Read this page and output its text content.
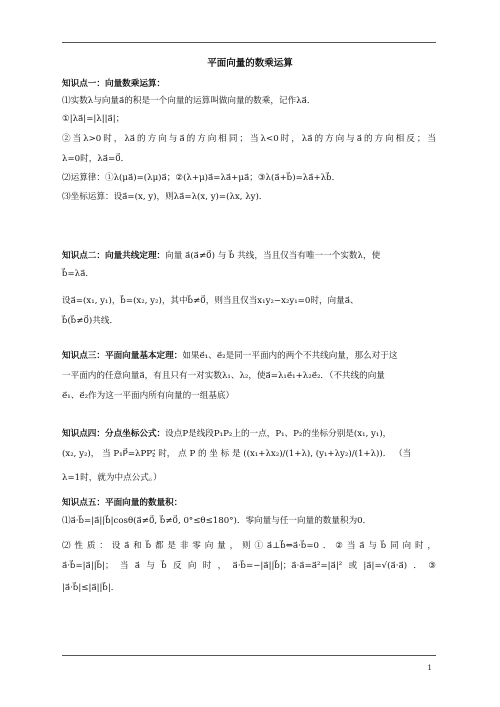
平面向量的数乘运算
知识点一：向量数乘运算：
⑴实数λ与向量a⃗的积是一个向量的运算叫做向量的数乘，记作λa⃗．
①|λa⃗|=|λ||a⃗|；
②当λ>0时，λa⃗的方向与a⃗的方向相同；当λ<0时，λa⃗的方向与a⃗的方向相反；当
λ=0时，λa⃗=0⃗．
⑵运算律：①λ(μa⃗)=(λμ)a⃗；②(λ+μ)a⃗=λa⃗+μa⃗；③λ(a⃗+b⃗)=λa⃗+λb⃗．
⑶坐标运算：设a⃗=(x, y)，则λa⃗=λ(x, y)=(λx, λy)．
知识点二：向量共线定理：向量 a⃗(a⃗≠0⃗) 与 b⃗ 共线，当且仅当有唯一一个实数λ，使
b⃗=λa⃗．
设a⃗=(x₁, y₁)，b⃗=(x₂, y₂)，其中b⃗≠0⃗，则当且仅当x₁y₂−x₂y₁=0时，向量a⃗、
b⃗(b⃗≠0⃗)共线．
知识点三：平面向量基本定理：如果e⃗₁、e⃗₂是同一平面内的两个不共线向量，那么对于这
一平面内的任意向量a⃗，有且只有一对实数λ₁、λ₂，使a⃗=λ₁e⃗₁+λ₂e⃗₂．（不共线的向量
e⃗₁、e⃗₂作为这一平面内所有向量的一组基底）
知识点四：分点坐标公式：设点P是线段P₁P₂上的一点，P₁、P₂的坐标分别是(x₁, y₁)，
(x₂, y₂)， 当 P₁P⃗=λPP₂⃗ 时， 点 P 的 坐 标 是 ((x₁+λx₂)/(1+λ), (y₁+λy₂)/(1+λ))． （当
λ=1时，就为中点公式。）
知识点五：平面向量的数量积：
⑴a⃗·b⃗=|a⃗||b⃗|cosθ(a⃗≠0⃗, b⃗≠0⃗, 0°≤θ≤180°)．零向量与任一向量的数量积为0．
⑵性质：设a⃗和b⃗都是非零向量，则①a⃗⊥b⃗⇔a⃗·b⃗=0．②当a⃗与b⃗同向时，
a⃗·b⃗=|a⃗||b⃗|；当a⃗与b⃗反向时，a⃗·b⃗=−|a⃗||b⃗|；a⃗·a⃗=a⃗²=|a⃗|²或|a⃗|=√(a⃗·a⃗)．③
|a⃗·b⃗|≤|a⃗||b⃗|．
1
